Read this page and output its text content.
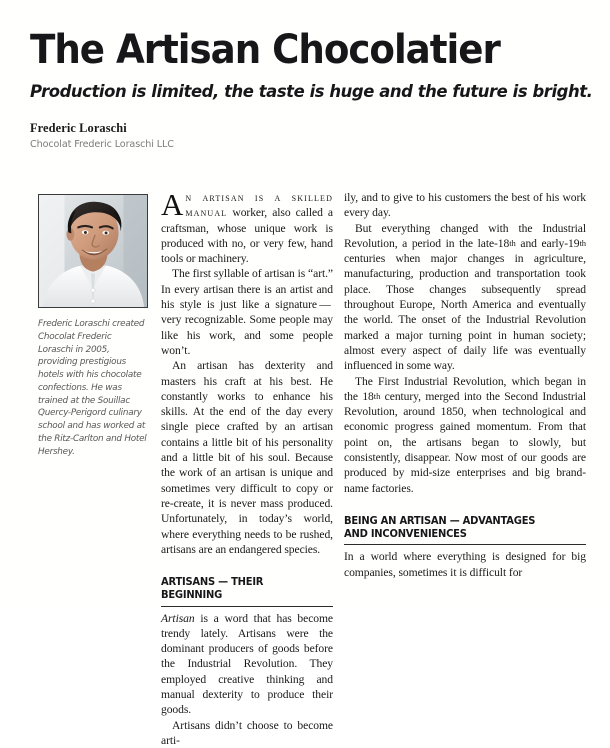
The Artisan Chocolatier

Production is limited, the taste is huge and the future is bright.

Frederic Loraschi

Chocolat Frederic Loraschi LLC

Frederic Loraschi created Chocolat Frederic Loraschi in 2005, providing prestigious hotels with his chocolate confections. He was trained at the Souillac Quercy-Perigord culinary school and has worked at the Ritz-Carlton and Hotel Hershey.

An artisan is a skilled manual worker, also called a craftsman, whose unique work is produced with no, or very few, hand tools or machinery.

The first syllable of artisan is “art.” In every artisan there is an artist and his style is just like a signature — very recognizable. Some people may like his work, and some people won’t.

An artisan has dexterity and masters his craft at his best. He constantly works to enhance his skills. At the end of the day every single piece crafted by an artisan contains a little bit of his personality and a little bit of his soul. Because the work of an artisan is unique and sometimes very difficult to copy or re-create, it is never mass produced. Unfortunately, in today’s world, where everything needs to be rushed, artisans are an endangered species.

ARTISANS — THEIR BEGINNING

Artisan is a word that has become trendy lately. Artisans were the dominant producers of goods before the Industrial Revolution. They employed creative thinking and manual dexterity to produce their goods.

Artisans didn’t choose to become arti-

ily, and to give to his customers the best of his work every day.

But everything changed with the Industrial Revolution, a period in the late-18th and early-19th centuries when major changes in agriculture, manufacturing, production and transportation took place. Those changes subsequently spread throughout Europe, North America and eventually the world. The onset of the Industrial Revolution marked a major turning point in human society; almost every aspect of daily life was eventually influenced in some way.

The First Industrial Revolution, which began in the 18th century, merged into the Second Industrial Revolution, around 1850, when technological and economic progress gained momentum. From that point on, the artisans began to slowly, but consistently, disappear. Now most of our goods are produced by mid-size enterprises and big brand-name factories.

BEING AN ARTISAN — ADVANTAGES
AND INCONVENIENCES

In a world where everything is designed for big companies, sometimes it is difficult for
